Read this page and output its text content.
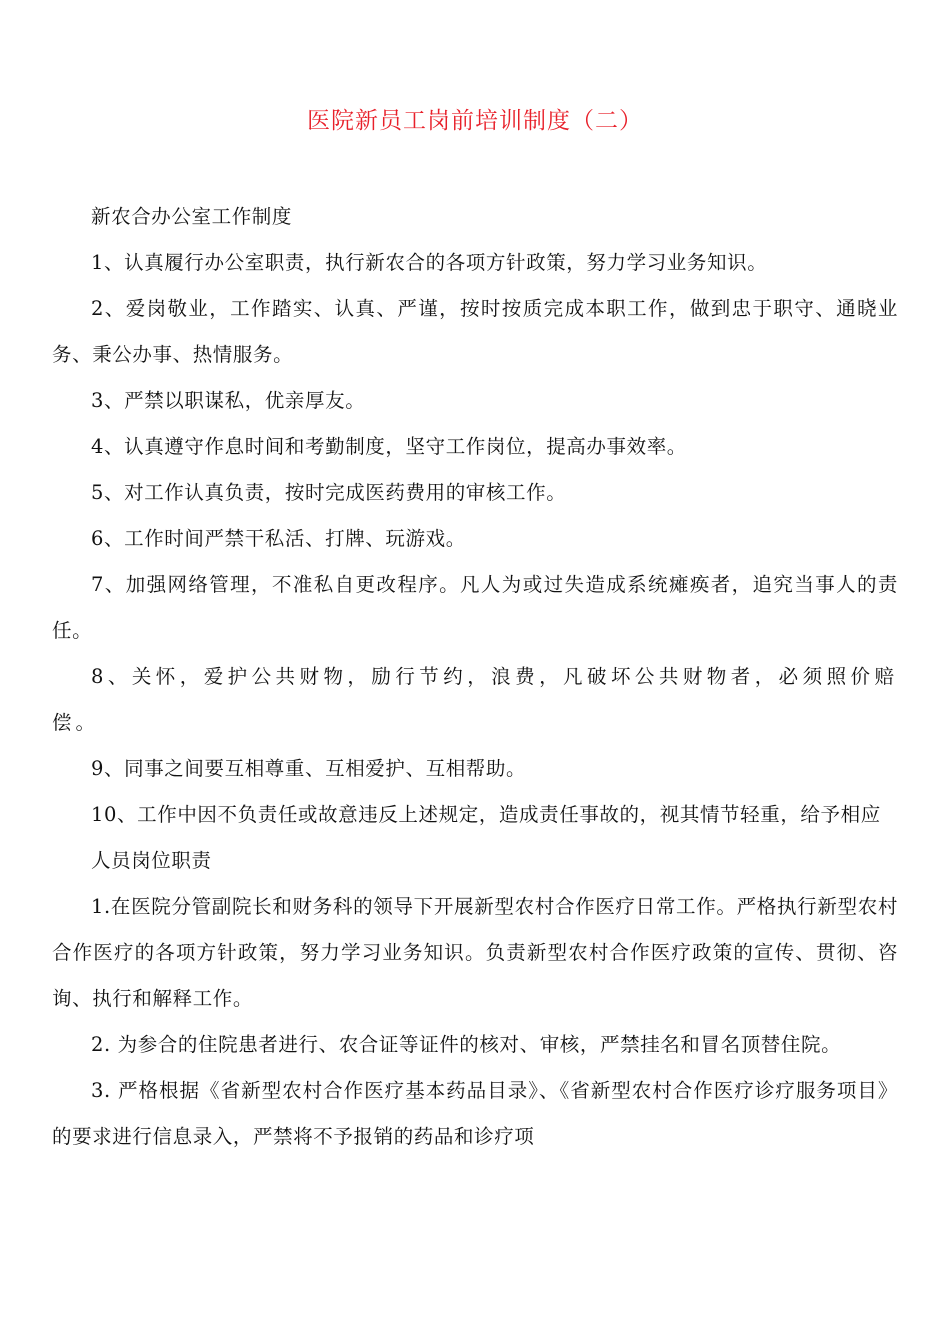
医院新员工岗前培训制度（二）

新农合办公室工作制度

1、认真履行办公室职责，执行新农合的各项方针政策，努力学习业务知识。

2、爱岗敬业，工作踏实、认真、严谨，按时按质完成本职工作，做到忠于职守、通晓业务、秉公办事、热情服务。

3、严禁以职谋私，优亲厚友。

4、认真遵守作息时间和考勤制度，坚守工作岗位，提高办事效率。

5、对工作认真负责，按时完成医药费用的审核工作。

6、工作时间严禁干私活、打牌、玩游戏。

7、加强网络管理，不准私自更改程序。凡人为或过失造成系统瘫痪者，追究当事人的责任。

8、关怀，爱护公共财物，励行节约，浪费，凡破坏公共财物者，必须照价赔偿。

9、同事之间要互相尊重、互相爱护、互相帮助。

10、工作中因不负责任或故意违反上述规定，造成责任事故的，视其情节轻重，给予相应

人员岗位职责

1.在医院分管副院长和财务科的领导下开展新型农村合作医疗日常工作。严格执行新型农村合作医疗的各项方针政策，努力学习业务知识。负责新型农村合作医疗政策的宣传、贯彻、咨询、执行和解释工作。

2. 为参合的住院患者进行、农合证等证件的核对、审核，严禁挂名和冒名顶替住院。

3. 严格根据《省新型农村合作医疗基本药品目录》、《省新型农村合作医疗诊疗服务项目》的要求进行信息录入，严禁将不予报销的药品和诊疗项
